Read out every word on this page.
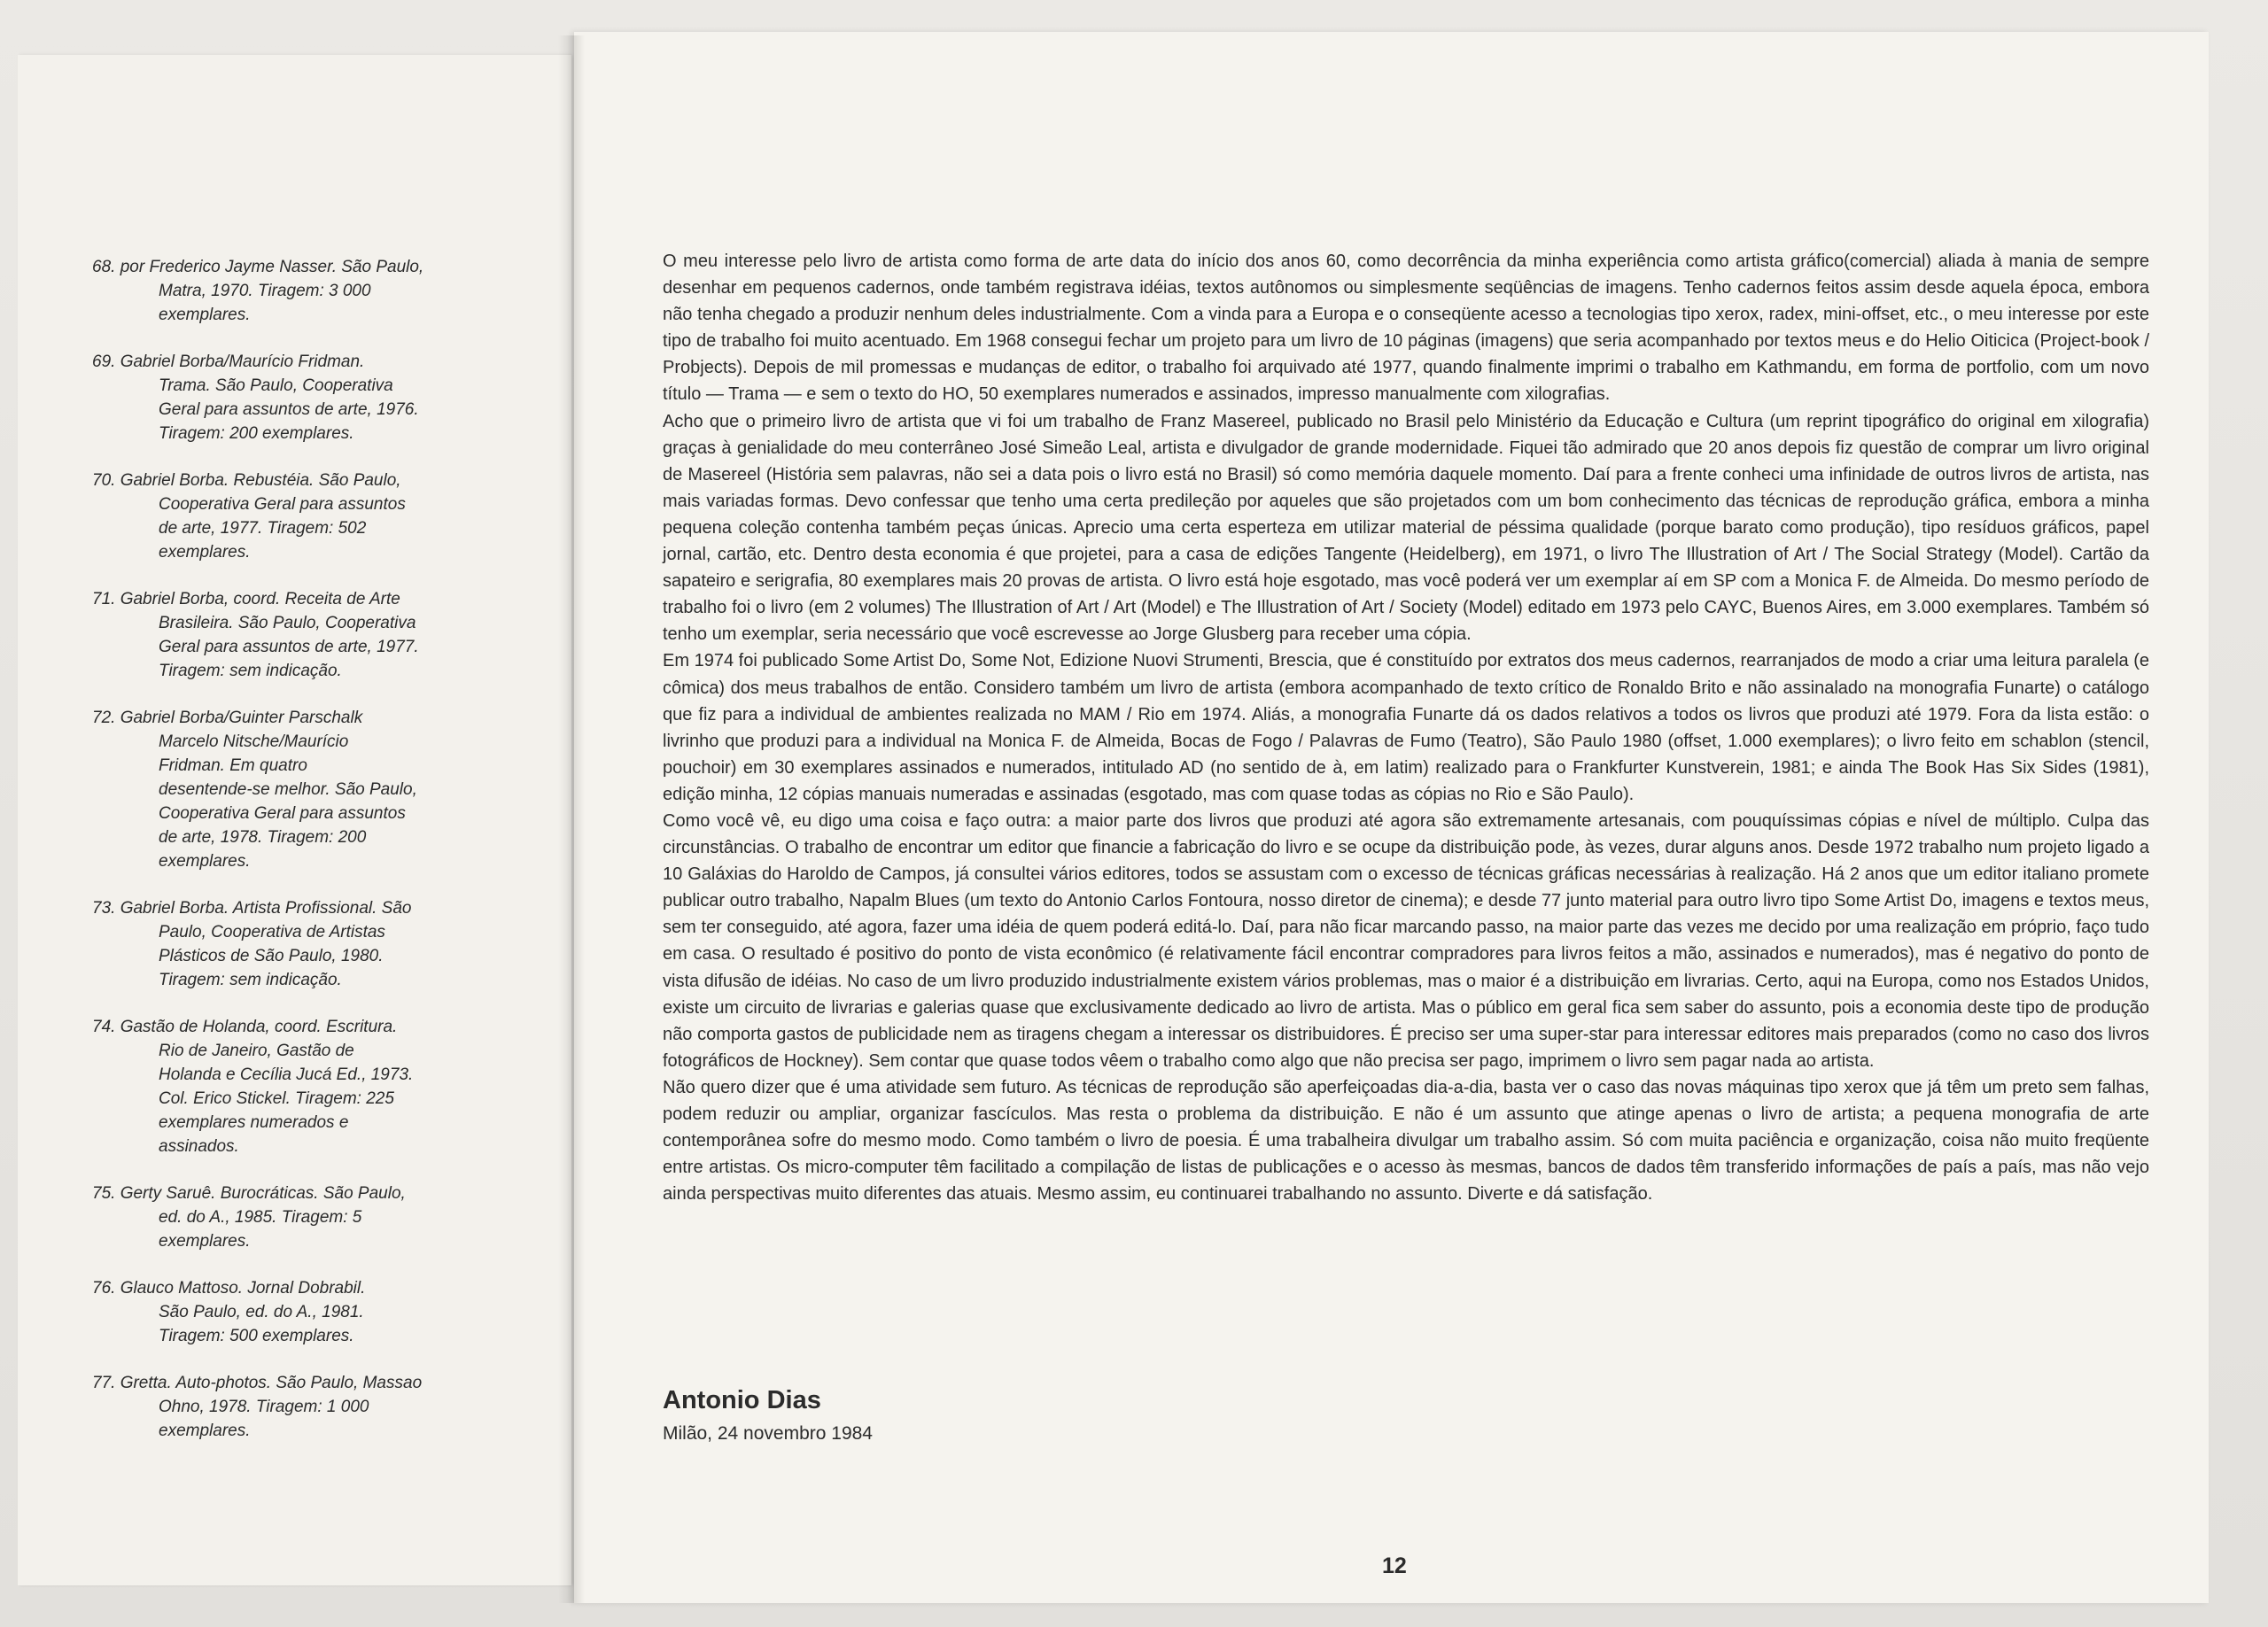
68. por Frederico Jayme Nasser. São Paulo,
Matra, 1970. Tiragem: 3 000
exemplares.
69. Gabriel Borba/Maurício Fridman.
Trama. São Paulo, Cooperativa
Geral para assuntos de arte, 1976.
Tiragem: 200 exemplares.
70. Gabriel Borba. Rebustéia. São Paulo,
Cooperativa Geral para assuntos
de arte, 1977. Tiragem: 502
exemplares.
71. Gabriel Borba, coord. Receita de Arte
Brasileira. São Paulo, Cooperativa
Geral para assuntos de arte, 1977.
Tiragem: sem indicação.
72. Gabriel Borba/Guinter Parschalk
Marcelo Nitsche/Maurício
Fridman. Em quatro
desentende-se melhor. São Paulo,
Cooperativa Geral para assuntos
de arte, 1978. Tiragem: 200
exemplares.
73. Gabriel Borba. Artista Profissional. São
Paulo, Cooperativa de Artistas
Plásticos de São Paulo, 1980.
Tiragem: sem indicação.
74. Gastão de Holanda, coord. Escritura.
Rio de Janeiro, Gastão de
Holanda e Cecília Jucá Ed., 1973.
Col. Erico Stickel. Tiragem: 225
exemplares numerados e
assinados.
75. Gerty Saruê. Burocráticas. São Paulo,
ed. do A., 1985. Tiragem: 5
exemplares.
76. Glauco Mattoso. Jornal Dobrabil.
São Paulo, ed. do A., 1981.
Tiragem: 500 exemplares.
77. Gretta. Auto-photos. São Paulo, Massao
Ohno, 1978. Tiragem: 1 000
exemplares.

O meu interesse pelo livro de artista como forma de arte data do início dos anos 60, como decorrência da minha experiência como artista gráfico(comercial) aliada à mania de sempre desenhar em pequenos cadernos, onde também registrava idéias, textos autônomos ou simplesmente seqüências de imagens. Tenho cadernos feitos assim desde aquela época, embora não tenha chegado a produzir nenhum deles industrialmente. Com a vinda para a Europa e o conseqüente acesso a tecnologias tipo xerox, radex, mini-offset, etc., o meu interesse por este tipo de trabalho foi muito acentuado. Em 1968 consegui fechar um projeto para um livro de 10 páginas (imagens) que seria acompanhado por textos meus e do Helio Oiticica (Project-book / Probjects). Depois de mil promessas e mudanças de editor, o trabalho foi arquivado até 1977, quando finalmente imprimi o trabalho em Kathmandu, em forma de portfolio, com um novo título — Trama — e sem o texto do HO, 50 exemplares numerados e assinados, impresso manualmente com xilografias.

Acho que o primeiro livro de artista que vi foi um trabalho de Franz Masereel, publicado no Brasil pelo Ministério da Educação e Cultura (um reprint tipográfico do original em xilografia) graças à genialidade do meu conterrâneo José Simeão Leal, artista e divulgador de grande modernidade. Fiquei tão admirado que 20 anos depois fiz questão de comprar um livro original de Masereel (História sem palavras, não sei a data pois o livro está no Brasil) só como memória daquele momento. Daí para a frente conheci uma infinidade de outros livros de artista, nas mais variadas formas. Devo confessar que tenho uma certa predileção por aqueles que são projetados com um bom conhecimento das técnicas de reprodução gráfica, embora a minha pequena coleção contenha também peças únicas. Aprecio uma certa esperteza em utilizar material de péssima qualidade (porque barato como produção), tipo resíduos gráficos, papel jornal, cartão, etc. Dentro desta economia é que projetei, para a casa de edições Tangente (Heidelberg), em 1971, o livro The Illustration of Art / The Social Strategy (Model). Cartão da sapateiro e serigrafia, 80 exemplares mais 20 provas de artista. O livro está hoje esgotado, mas você poderá ver um exemplar aí em SP com a Monica F. de Almeida. Do mesmo período de trabalho foi o livro (em 2 volumes) The Illustration of Art / Art (Model) e The Illustration of Art / Society (Model) editado em 1973 pelo CAYC, Buenos Aires, em 3.000 exemplares. Também só tenho um exemplar, seria necessário que você escrevesse ao Jorge Glusberg para receber uma cópia.

Em 1974 foi publicado Some Artist Do, Some Not, Edizione Nuovi Strumenti, Brescia, que é constituído por extratos dos meus cadernos, rearranjados de modo a criar uma leitura paralela (e cômica) dos meus trabalhos de então. Considero também um livro de artista (embora acompanhado de texto crítico de Ronaldo Brito e não assinalado na monografia Funarte) o catálogo que fiz para a individual de ambientes realizada no MAM / Rio em 1974. Aliás, a monografia Funarte dá os dados relativos a todos os livros que produzi até 1979. Fora da lista estão: o livrinho que produzi para a individual na Monica F. de Almeida, Bocas de Fogo / Palavras de Fumo (Teatro), São Paulo 1980 (offset, 1.000 exemplares); o livro feito em schablon (stencil, pouchoir) em 30 exemplares assinados e numerados, intitulado AD (no sentido de à, em latim) realizado para o Frankfurter Kunstverein, 1981; e ainda The Book Has Six Sides (1981), edição minha, 12 cópias manuais numeradas e assinadas (esgotado, mas com quase todas as cópias no Rio e São Paulo).

Como você vê, eu digo uma coisa e faço outra: a maior parte dos livros que produzi até agora são extremamente artesanais, com pouquíssimas cópias e nível de múltiplo. Culpa das circunstâncias. O trabalho de encontrar um editor que financie a fabricação do livro e se ocupe da distribuição pode, às vezes, durar alguns anos. Desde 1972 trabalho num projeto ligado a 10 Galáxias do Haroldo de Campos, já consultei vários editores, todos se assustam com o excesso de técnicas gráficas necessárias à realização. Há 2 anos que um editor italiano promete publicar outro trabalho, Napalm Blues (um texto do Antonio Carlos Fontoura, nosso diretor de cinema); e desde 77 junto material para outro livro tipo Some Artist Do, imagens e textos meus, sem ter conseguido, até agora, fazer uma idéia de quem poderá editá-lo. Daí, para não ficar marcando passo, na maior parte das vezes me decido por uma realização em próprio, faço tudo em casa. O resultado é positivo do ponto de vista econômico (é relativamente fácil encontrar compradores para livros feitos a mão, assinados e numerados), mas é negativo do ponto de vista difusão de idéias. No caso de um livro produzido industrialmente existem vários problemas, mas o maior é a distribuição em livrarias. Certo, aqui na Europa, como nos Estados Unidos, existe um circuito de livrarias e galerias quase que exclusivamente dedicado ao livro de artista. Mas o público em geral fica sem saber do assunto, pois a economia deste tipo de produção não comporta gastos de publicidade nem as tiragens chegam a interessar os distribuidores. É preciso ser uma super-star para interessar editores mais preparados (como no caso dos livros fotográficos de Hockney). Sem contar que quase todos vêem o trabalho como algo que não precisa ser pago, imprimem o livro sem pagar nada ao artista.

Não quero dizer que é uma atividade sem futuro. As técnicas de reprodução são aperfeiçoadas dia-a-dia, basta ver o caso das novas máquinas tipo xerox que já têm um preto sem falhas, podem reduzir ou ampliar, organizar fascículos. Mas resta o problema da distribuição. E não é um assunto que atinge apenas o livro de artista; a pequena monografia de arte contemporânea sofre do mesmo modo. Como também o livro de poesia. É uma trabalheira divulgar um trabalho assim. Só com muita paciência e organização, coisa não muito freqüente entre artistas. Os micro-computer têm facilitado a compilação de listas de publicações e o acesso às mesmas, bancos de dados têm transferido informações de país a país, mas não vejo ainda perspectivas muito diferentes das atuais. Mesmo assim, eu continuarei trabalhando no assunto. Diverte e dá satisfação.

Antonio Dias
Milão, 24 novembro 1984
12
